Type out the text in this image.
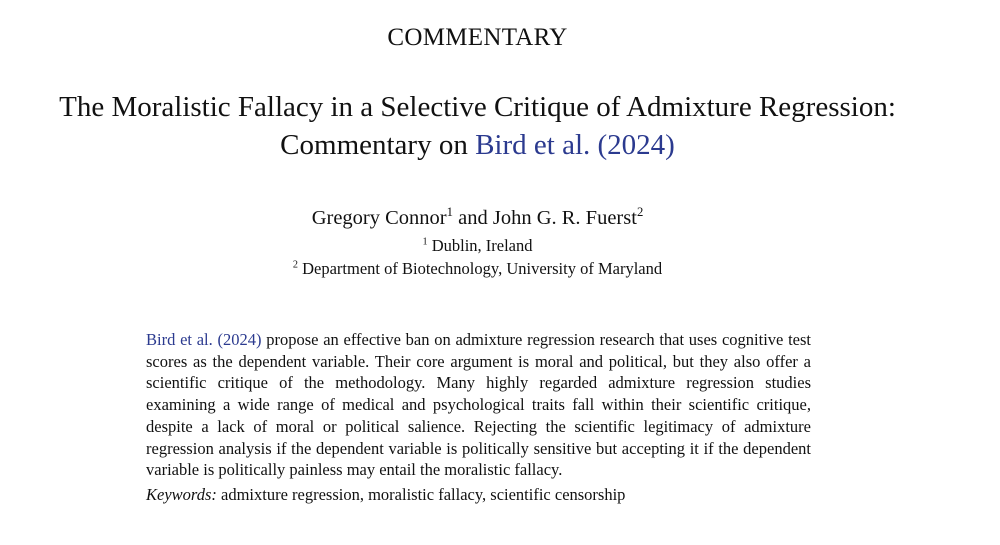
COMMENTARY
The Moralistic Fallacy in a Selective Critique of Admixture Regression:
Commentary on Bird et al. (2024)
Gregory Connor$^1$ and John G. R. Fuerst$^2$
$^1$ Dublin, Ireland
$^2$ Department of Biotechnology, University of Maryland
Bird et al. (2024) propose an effective ban on admixture regression research that uses cognitive test scores as the dependent variable. Their core argument is moral and political, but they also offer a scientific critique of the methodology. Many highly regarded admixture regression studies examining a wide range of medical and psychological traits fall within their scientific critique, despite a lack of moral or political salience. Rejecting the scientific legitimacy of admixture regression analysis if the dependent variable is politically sensitive but accepting it if the dependent variable is politically painless may entail the moralistic fallacy.
Keywords: admixture regression, moralistic fallacy, scientific censorship
